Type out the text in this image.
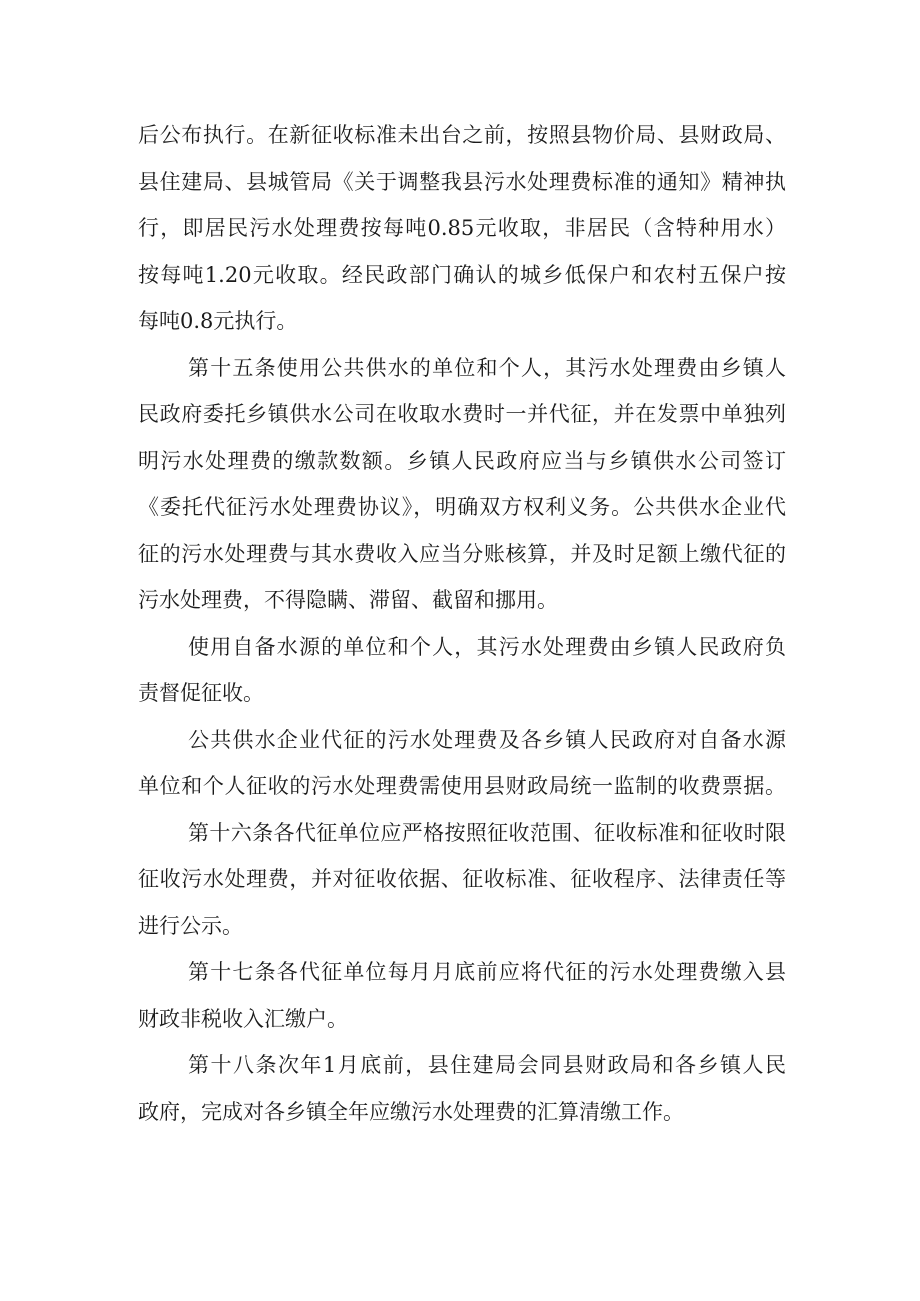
后公布执行。在新征收标准未出台之前，按照县物价局、县财政局、
县住建局、县城管局《关于调整我县污水处理费标准的通知》精神执
行，即居民污水处理费按每吨0.85元收取，非居民（含特种用水）
按每吨1.20元收取。经民政部门确认的城乡低保户和农村五保户按
每吨0.8元执行。
第十五条使用公共供水的单位和个人，其污水处理费由乡镇人
民政府委托乡镇供水公司在收取水费时一并代征，并在发票中单独列
明污水处理费的缴款数额。乡镇人民政府应当与乡镇供水公司签订
《委托代征污水处理费协议》，明确双方权利义务。公共供水企业代
征的污水处理费与其水费收入应当分账核算，并及时足额上缴代征的
污水处理费，不得隐瞒、滞留、截留和挪用。
使用自备水源的单位和个人，其污水处理费由乡镇人民政府负
责督促征收。
公共供水企业代征的污水处理费及各乡镇人民政府对自备水源
单位和个人征收的污水处理费需使用县财政局统一监制的收费票据。
第十六条各代征单位应严格按照征收范围、征收标准和征收时限
征收污水处理费，并对征收依据、征收标准、征收程序、法律责任等
进行公示。
第十七条各代征单位每月月底前应将代征的污水处理费缴入县
财政非税收入汇缴户。
第十八条次年1月底前，县住建局会同县财政局和各乡镇人民
政府，完成对各乡镇全年应缴污水处理费的汇算清缴工作。
